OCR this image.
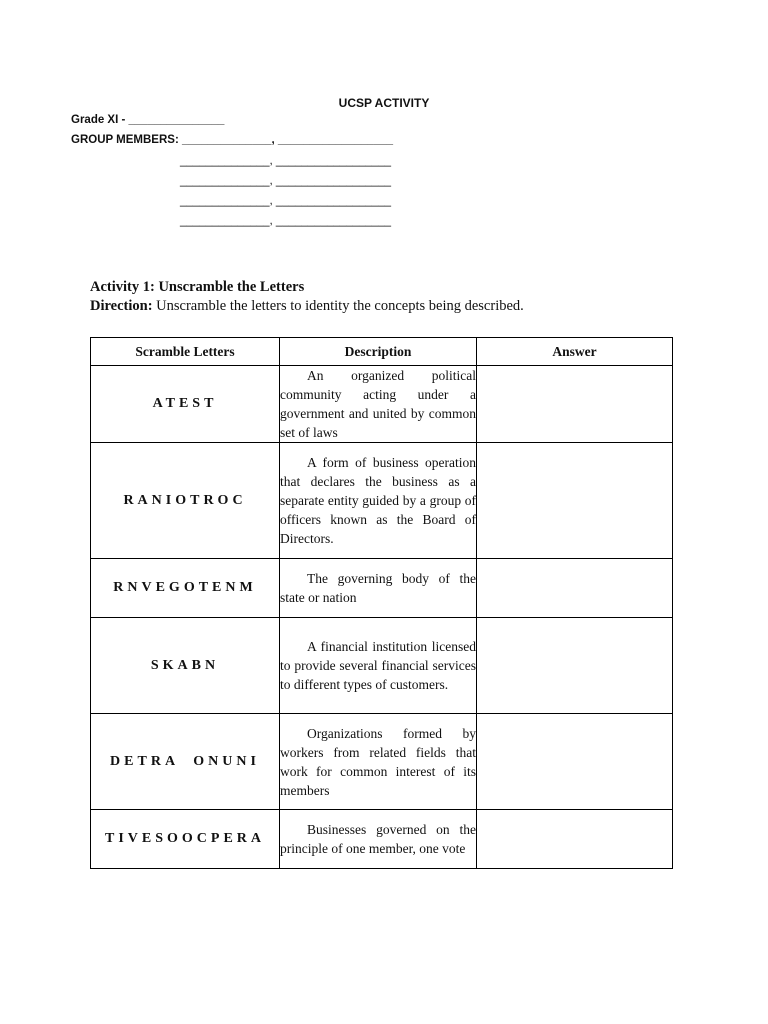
UCSP ACTIVITY
Grade XI - _______________
GROUP MEMBERS: ______________, __________________
______________, __________________
______________, __________________
______________, __________________
______________, __________________
Activity 1: Unscramble the Letters
Direction: Unscramble the letters to identity the concepts being described.
Scramble Letters	Description	Answer
ATEST	An organized political community acting under a government and united by common set of laws	
RANIOTROC	A form of business operation that declares the business as a separate entity guided by a group of officers known as the Board of Directors.	
RNVEGOTENM	The governing body of the state or nation	
SKABN	A financial institution licensed to provide several financial services to different types of customers.	
DETRA  ONUNI	Organizations formed by workers from related fields that work for common interest of its members	
TIVESOOCPERA	Businesses governed on the principle of one member, one vote	
